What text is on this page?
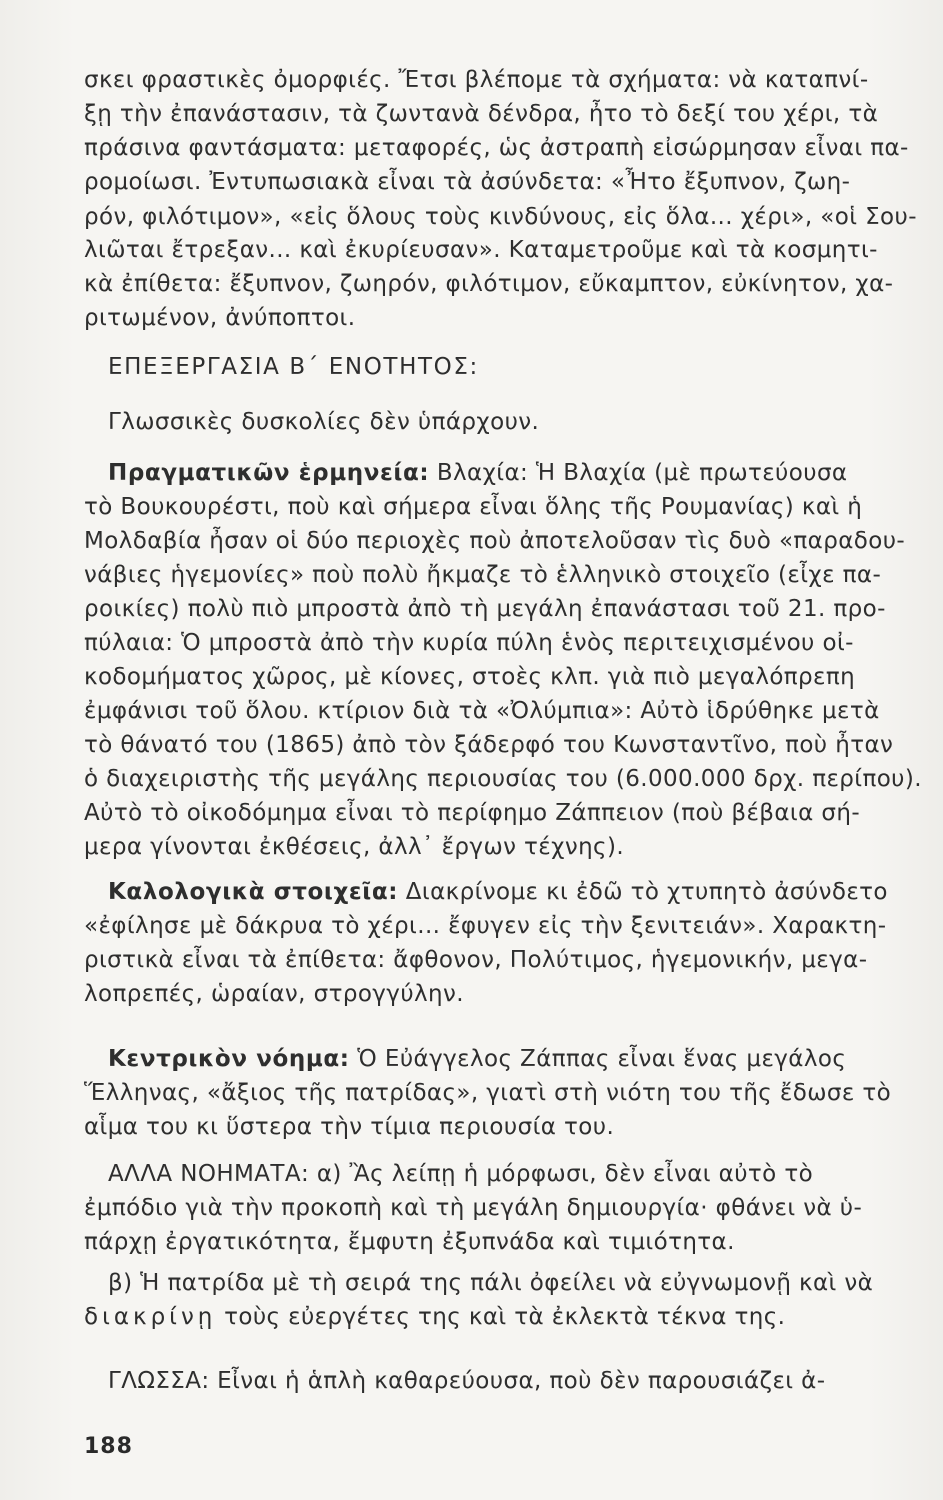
σκει φραστικὲς ὀμορφιές. Ἔτσι βλέπομε τὰ σχήματα: νὰ καταπνί-
ξῃ τὴν ἐπανάστασιν, τὰ ζωντανὰ δένδρα, ἦτο τὸ δεξί του χέρι, τὰ
πράσινα φαντάσματα: μεταφορές, ὡς ἀστραπὴ εἰσώρμησαν εἶναι πα-
ρομοίωσι. Ἐντυπωσιακὰ εἶναι τὰ ἀσύνδετα: «Ἦτο ἔξυπνον, ζωη-
ρόν, φιλότιμον», «εἰς ὅλους τοὺς κινδύνους, εἰς ὅλα... χέρι», «οἱ Σου-
λιῶται ἔτρεξαν... καὶ ἐκυρίευσαν». Καταμετροῦμε καὶ τὰ κοσμητι-
κὰ ἐπίθετα: ἔξυπνον, ζωηρόν, φιλότιμον, εὔκαμπτον, εὐκίνητον, χα-
ριτωμένον, ἀνύποπτοι.
ΕΠΕΞΕΡΓΑΣΙΑ Β΄ ΕΝΟΤΗΤΟΣ:
Γλωσσικὲς δυσκολίες δὲν ὑπάρχουν.
Πραγματικῶν ἑρμηνεία: Βλαχία: Ἡ Βλαχία (μὲ πρωτεύουσα
τὸ Βουκουρέστι, ποὺ καὶ σήμερα εἶναι ὅλης τῆς Ρουμανίας) καὶ ἡ
Μολδαβία ἦσαν οἱ δύο περιοχὲς ποὺ ἀποτελοῦσαν τὶς δυὸ «παραδου-
νάβιες ἡγεμονίες» ποὺ πολὺ ἤκμαζε τὸ ἑλληνικὸ στοιχεῖο (εἶχε πα-
ροικίες) πολὺ πιὸ μπροστὰ ἀπὸ τὴ μεγάλη ἐπανάστασι τοῦ 21. προ-
πύλαια: Ὁ μπροστὰ ἀπὸ τὴν κυρία πύλη ἑνὸς περιτειχισμένου οἰ-
κοδομήματος χῶρος, μὲ κίονες, στοὲς κλπ. γιὰ πιὸ μεγαλόπρεπη
ἐμφάνισι τοῦ ὅλου. κτίριον διὰ τὰ «Ὀλύμπια»: Αὐτὸ ἱδρύθηκε μετὰ
τὸ θάνατό του (1865) ἀπὸ τὸν ξάδερφό του Κωνσταντῖνο, ποὺ ἦταν
ὁ διαχειριστὴς τῆς μεγάλης περιουσίας του (6.000.000 δρχ. περίπου).
Αὐτὸ τὸ οἰκοδόμημα εἶναι τὸ περίφημο Ζάππειον (ποὺ βέβαια σή-
μερα γίνονται ἐκθέσεις, ἀλλ᾽ ἔργων τέχνης).
Καλολογικὰ στοιχεῖα: Διακρίνομε κι ἐδῶ τὸ χτυπητὸ ἀσύνδετο
«ἐφίλησε μὲ δάκρυα τὸ χέρι... ἔφυγεν εἰς τὴν ξενιτειάν». Χαρακτη-
ριστικὰ εἶναι τὰ ἐπίθετα: ἄφθονον, Πολύτιμος, ἡγεμονικήν, μεγα-
λοπρεπές, ὡραίαν, στρογγύλην.
Κεντρικὸν νόημα: Ὁ Εὐάγγελος Ζάππας εἶναι ἕνας μεγάλος
Ἕλληνας, «ἄξιος τῆς πατρίδας», γιατὶ στὴ νιότη του τῆς ἔδωσε τὸ
αἷμα του κι ὕστερα τὴν τίμια περιουσία του.
ΑΛΛΑ ΝΟΗΜΑΤΑ: α) Ἂς λείπῃ ἡ μόρφωσι, δὲν εἶναι αὐτὸ τὸ
ἐμπόδιο γιὰ τὴν προκοπὴ καὶ τὴ μεγάλη δημιουργία· φθάνει νὰ ὑ-
πάρχῃ ἐργατικότητα, ἔμφυτη ἐξυπνάδα καὶ τιμιότητα.
β) Ἡ πατρίδα μὲ τὴ σειρά της πάλι ὀφείλει νὰ εὐγνωμονῇ καὶ νὰ
διακρίνῃ τοὺς εὐεργέτες της καὶ τὰ ἐκλεκτὰ τέκνα της.
ΓΛΩΣΣΑ: Εἶναι ἡ ἁπλὴ καθαρεύουσα, ποὺ δὲν παρουσιάζει ἀ-
188
